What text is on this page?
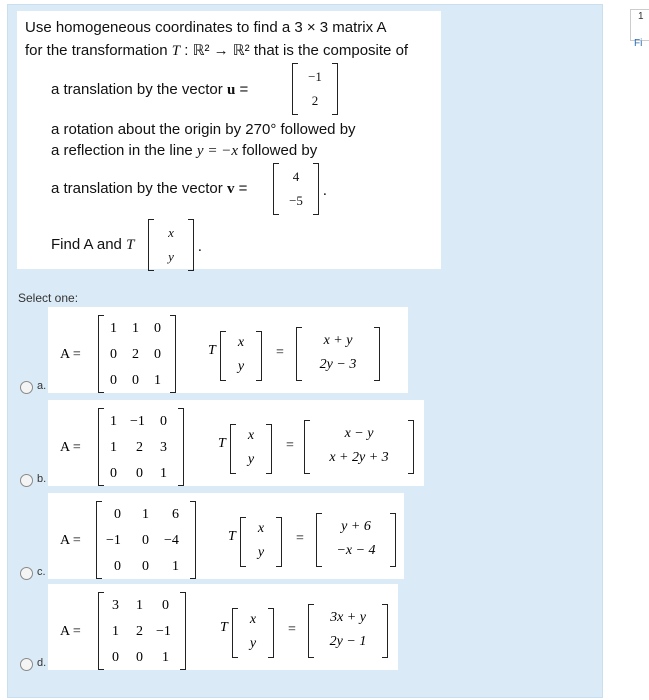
Use homogeneous coordinates to find a 3 × 3 matrix A
for the transformation T : ℝ² → ℝ² that is the composite of
a translation by the vector u =
−1
2
a rotation about the origin by 270° followed by
a reflection in the line y = −x followed by
a translation by the vector v =
4
−5
.
Find A and T
x
y
.
Select one:
a.
A =
1 1 0
0 2 0
0 0 1
T
x
y
=
x + y
2y − 3
b.
A =
1 −1 0
1 2 3
0 0 1
T
x
y
=
x − y
x + 2y + 3
c.
A =
0 1 6
−1 0 −4
0 0 1
T
x
y
=
y + 6
−x − 4
d.
A =
3 1 0
1 2 −1
0 0 1
T
x
y
=
3x + y
2y − 1
1
Fi
